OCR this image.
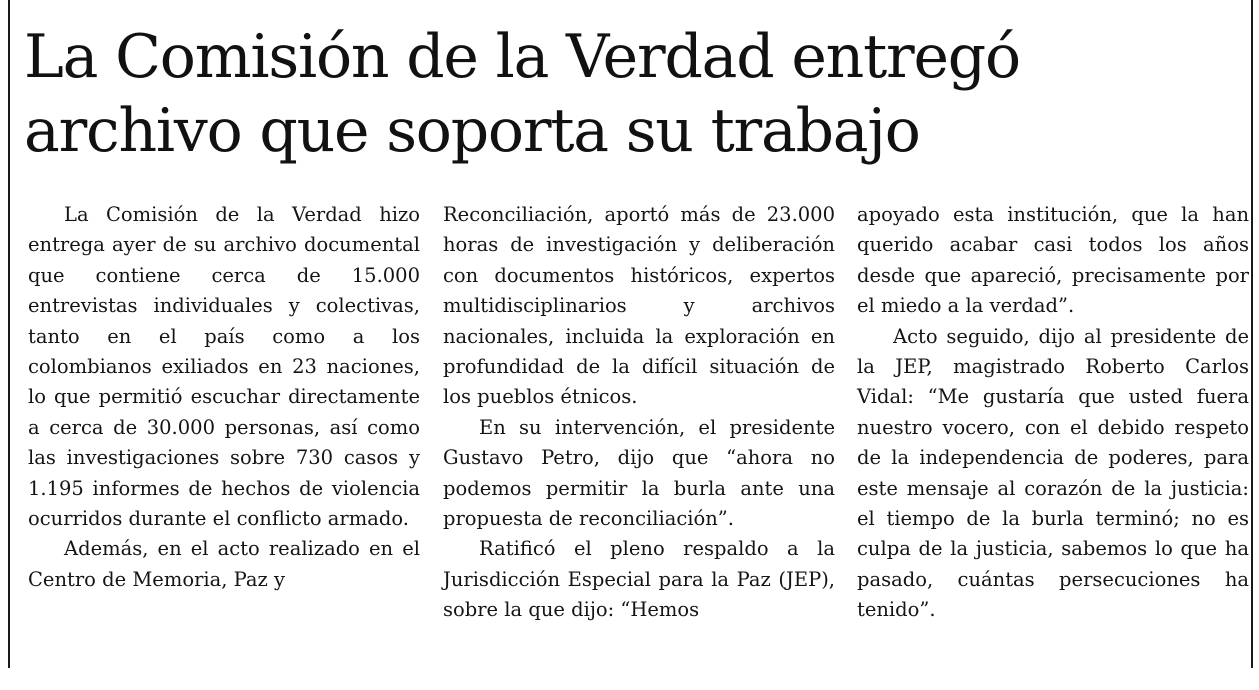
La Comisión de la Verdad entregó
archivo que soporta su trabajo

La Comisión de la Verdad hizo entrega ayer de su archivo documental que contiene cerca de 15.000 entrevistas individuales y colectivas, tanto en el país como a los colombianos exiliados en 23 naciones, lo que permitió escuchar directamente a cerca de 30.000 personas, así como las investigaciones sobre 730 casos y 1.195 informes de hechos de violencia ocurridos durante el conflicto armado.

Además, en el acto realizado en el Centro de Memoria, Paz y

Reconciliación, aportó más de 23.000 horas de investigación y deliberación con documentos históricos, expertos multidisciplinarios y archivos nacionales, incluida la exploración en profundidad de la difícil situación de los pueblos étnicos.

En su intervención, el presidente Gustavo Petro, dijo que “ahora no podemos permitir la burla ante una propuesta de reconciliación”.

Ratificó el pleno respaldo a la Jurisdicción Especial para la Paz (JEP), sobre la que dijo: “Hemos

apoyado esta institución, que la han querido acabar casi todos los años desde que apareció, precisamente por el miedo a la verdad”.

Acto seguido, dijo al presidente de la JEP, magistrado Roberto Carlos Vidal: “Me gustaría que usted fuera nuestro vocero, con el debido respeto de la independencia de poderes, para este mensaje al corazón de la justicia: el tiempo de la burla terminó; no es culpa de la justicia, sabemos lo que ha pasado, cuántas persecuciones ha tenido”.
